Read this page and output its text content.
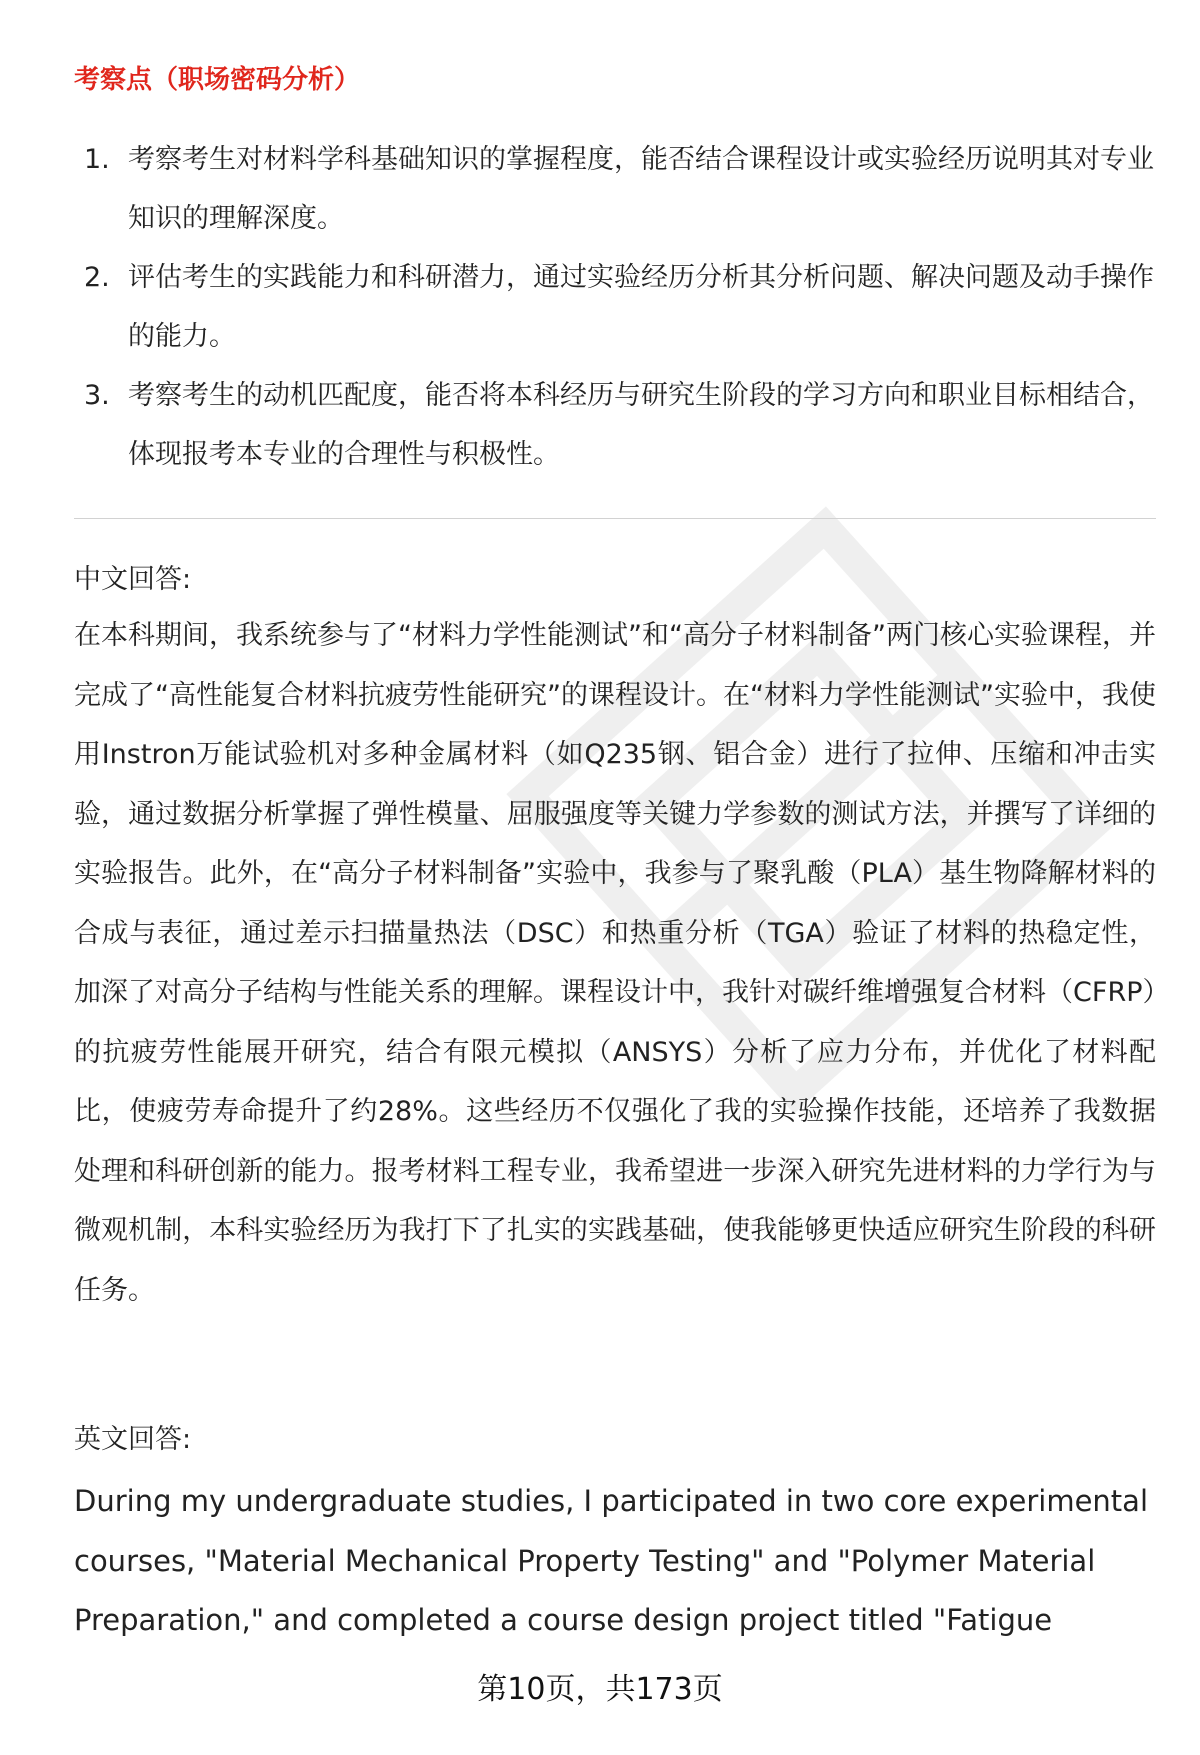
考察点（职场密码分析）
1. 考察考生对材料学科基础知识的掌握程度，能否结合课程设计或实验经历说明其对专业知识的理解深度。
2. 评估考生的实践能力和科研潜力，通过实验经历分析其分析问题、解决问题及动手操作的能力。
3. 考察考生的动机匹配度，能否将本科经历与研究生阶段的学习方向和职业目标相结合，体现报考本专业的合理性与积极性。
中文回答:
在本科期间，我系统参与了“材料力学性能测试”和“高分子材料制备”两门核心实验课程，并完成了“高性能复合材料抗疲劳性能研究”的课程设计。在“材料力学性能测试”实验中，我使用Instron万能试验机对多种金属材料（如Q235钢、铝合金）进行了拉伸、压缩和冲击实验，通过数据分析掌握了弹性模量、屈服强度等关键力学参数的测试方法，并撰写了详细的实验报告。此外，在“高分子材料制备”实验中，我参与了聚乳酸（PLA）基生物降解材料的合成与表征，通过差示扫描量热法（DSC）和热重分析（TGA）验证了材料的热稳定性，加深了对高分子结构与性能关系的理解。课程设计中，我针对碳纤维增强复合材料（CFRP）的抗疲劳性能展开研究，结合有限元模拟（ANSYS）分析了应力分布，并优化了材料配比，使疲劳寿命提升了约28%。这些经历不仅强化了我的实验操作技能，还培养了我数据处理和科研创新的能力。报考材料工程专业，我希望进一步深入研究先进材料的力学行为与微观机制，本科实验经历为我打下了扎实的实践基础，使我能够更快适应研究生阶段的科研任务。
英文回答:
During my undergraduate studies, I participated in two core experimental courses, "Material Mechanical Property Testing" and "Polymer Material Preparation," and completed a course design project titled "Fatigue
第10页，共173页
